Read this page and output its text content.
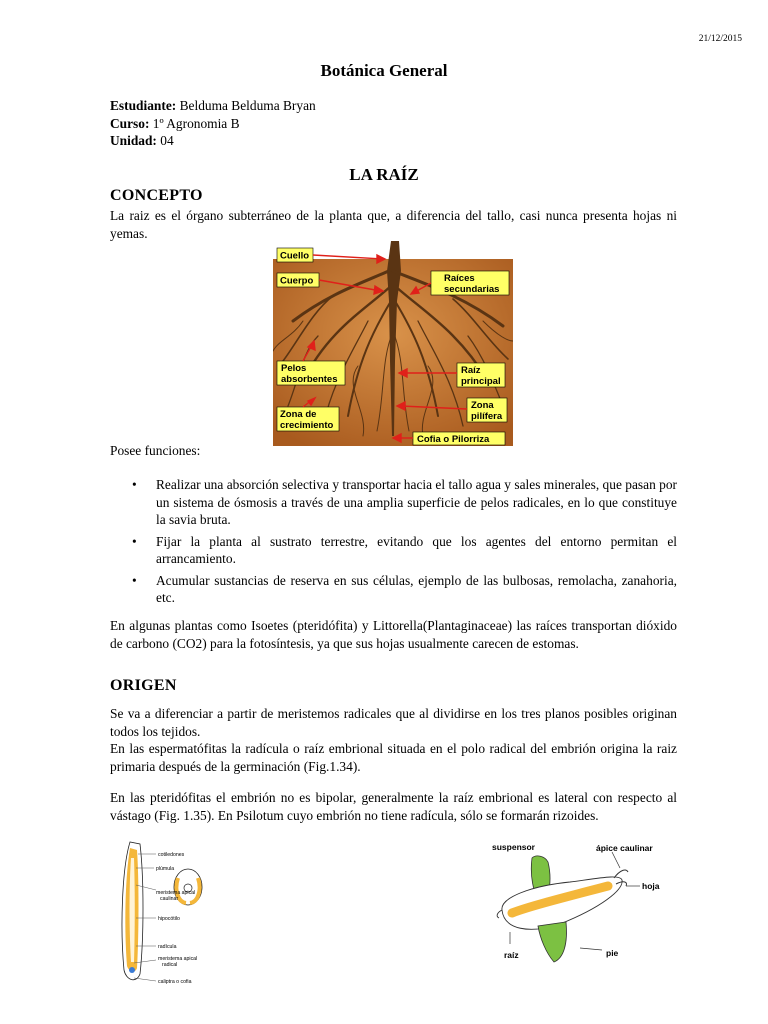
21/12/2015
Botánica General
Estudiante: Belduma Belduma Bryan
Curso: 1º Agronomia B
Unidad: 04
LA RAÍZ
CONCEPTO
La raiz es el órgano subterráneo de la planta que, a diferencia del tallo, casi nunca presenta hojas ni yemas.
Cuello
Cuerpo	Raíces
secundarias
Pelos
absorbentes
Raíz
principal
Zona de
crecimiento
Zona
pilífera
Cofia o Pilorriza
Posee funciones:
• Realizar una absorción selectiva y transportar hacia el tallo agua y sales minerales, que pasan por un sistema de ósmosis a través de una amplia superficie de pelos radicales, en lo que constituye la savia bruta.
• Fijar la planta al sustrato terrestre, evitando que los agentes del entorno permitan el arrancamiento.
• Acumular sustancias de reserva en sus células, ejemplo de las bulbosas, remolacha, zanahoria, etc.
En algunas plantas como Isoetes (pteridófita) y Littorella(Plantaginaceae) las raíces transportan dióxido de carbono (CO2) para la fotosíntesis, ya que sus hojas usualmente carecen de estomas.
ORIGEN
Se va a diferenciar a partir de meristemos radicales que al dividirse en los tres planos posibles originan todos los tejidos.
En las espermatófitas la radícula o raíz embrional situada en el polo radical del embrión origina la raiz primaria después de la germinación (Fig.1.34).
En las pteridófitas el embrión no es bipolar, generalmente la raíz embrional es lateral con respecto al vástago (Fig. 1.35). En Psilotum cuyo embrión no tiene radícula, sólo se formarán rizoides.
cotiledones
plúmula
meristema apical
caulinar
hipocótilo
radícula
meristema apical
radical
caliptra o cofia
suspensor	ápice caulinar
hoja
raíz	pie
